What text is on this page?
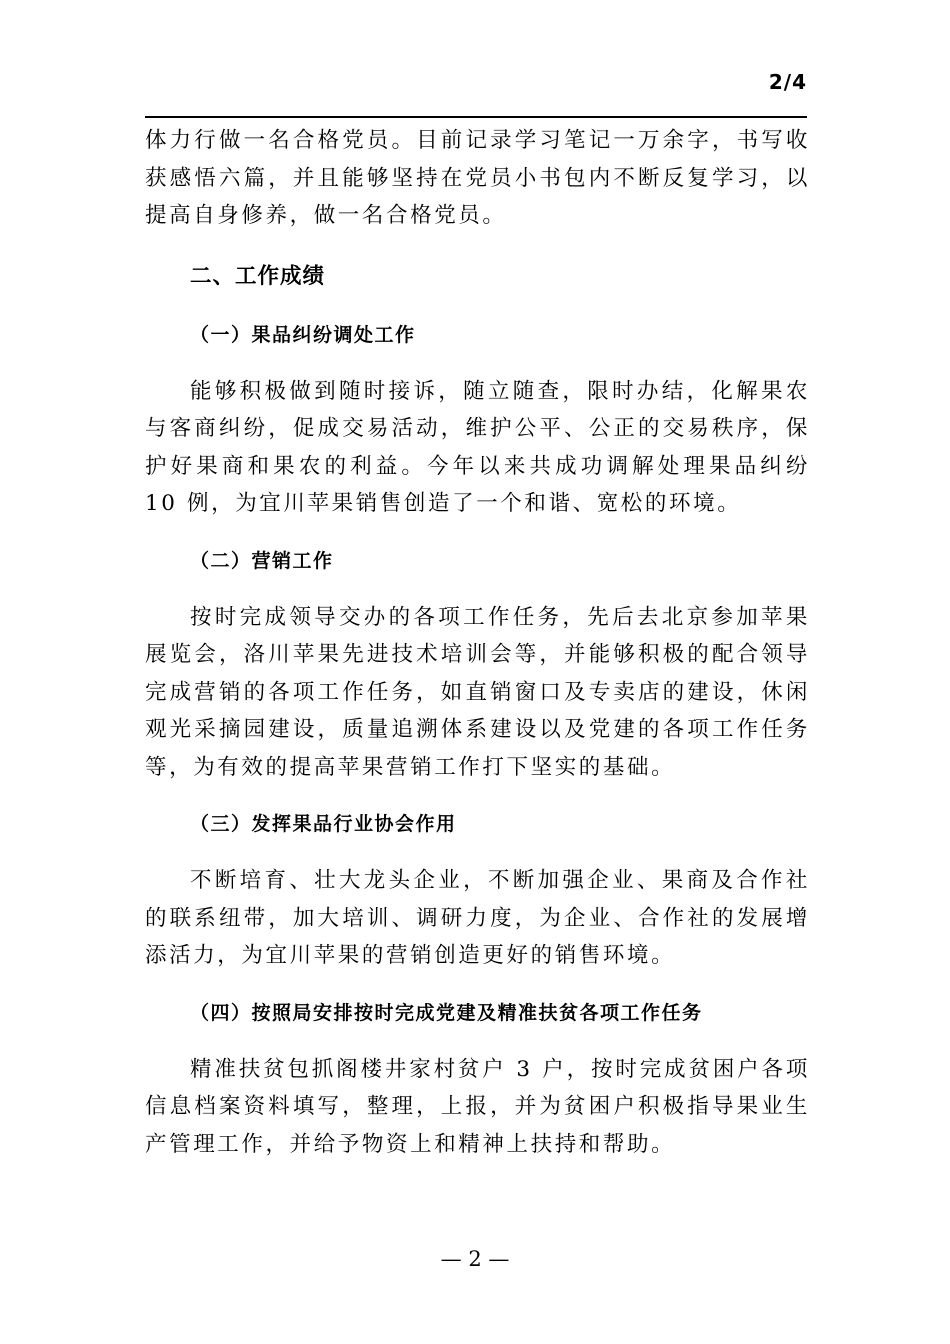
2/4

体力行做一名合格党员。目前记录学习笔记一万余字，书写收获感悟六篇，并且能够坚持在党员小书包内不断反复学习，以提高自身修养，做一名合格党员。

二、工作成绩
（一）果品纠纷调处工作

能够积极做到随时接诉，随立随查，限时办结，化解果农与客商纠纷，促成交易活动，维护公平、公正的交易秩序，保护好果商和果农的利益。今年以来共成功调解处理果品纠纷 10 例，为宜川苹果销售创造了一个和谐、宽松的环境。

（二）营销工作

按时完成领导交办的各项工作任务，先后去北京参加苹果展览会，洛川苹果先进技术培训会等，并能够积极的配合领导完成营销的各项工作任务，如直销窗口及专卖店的建设，休闲观光采摘园建设，质量追溯体系建设以及党建的各项工作任务等，为有效的提高苹果营销工作打下坚实的基础。

（三）发挥果品行业协会作用

不断培育、壮大龙头企业，不断加强企业、果商及合作社的联系纽带，加大培训、调研力度，为企业、合作社的发展增添活力，为宜川苹果的营销创造更好的销售环境。

（四）按照局安排按时完成党建及精准扶贫各项工作任务

精准扶贫包抓阁楼井家村贫户 3 户，按时完成贫困户各项信息档案资料填写，整理，上报，并为贫困户积极指导果业生产管理工作，并给予物资上和精神上扶持和帮助。

— 2 —
